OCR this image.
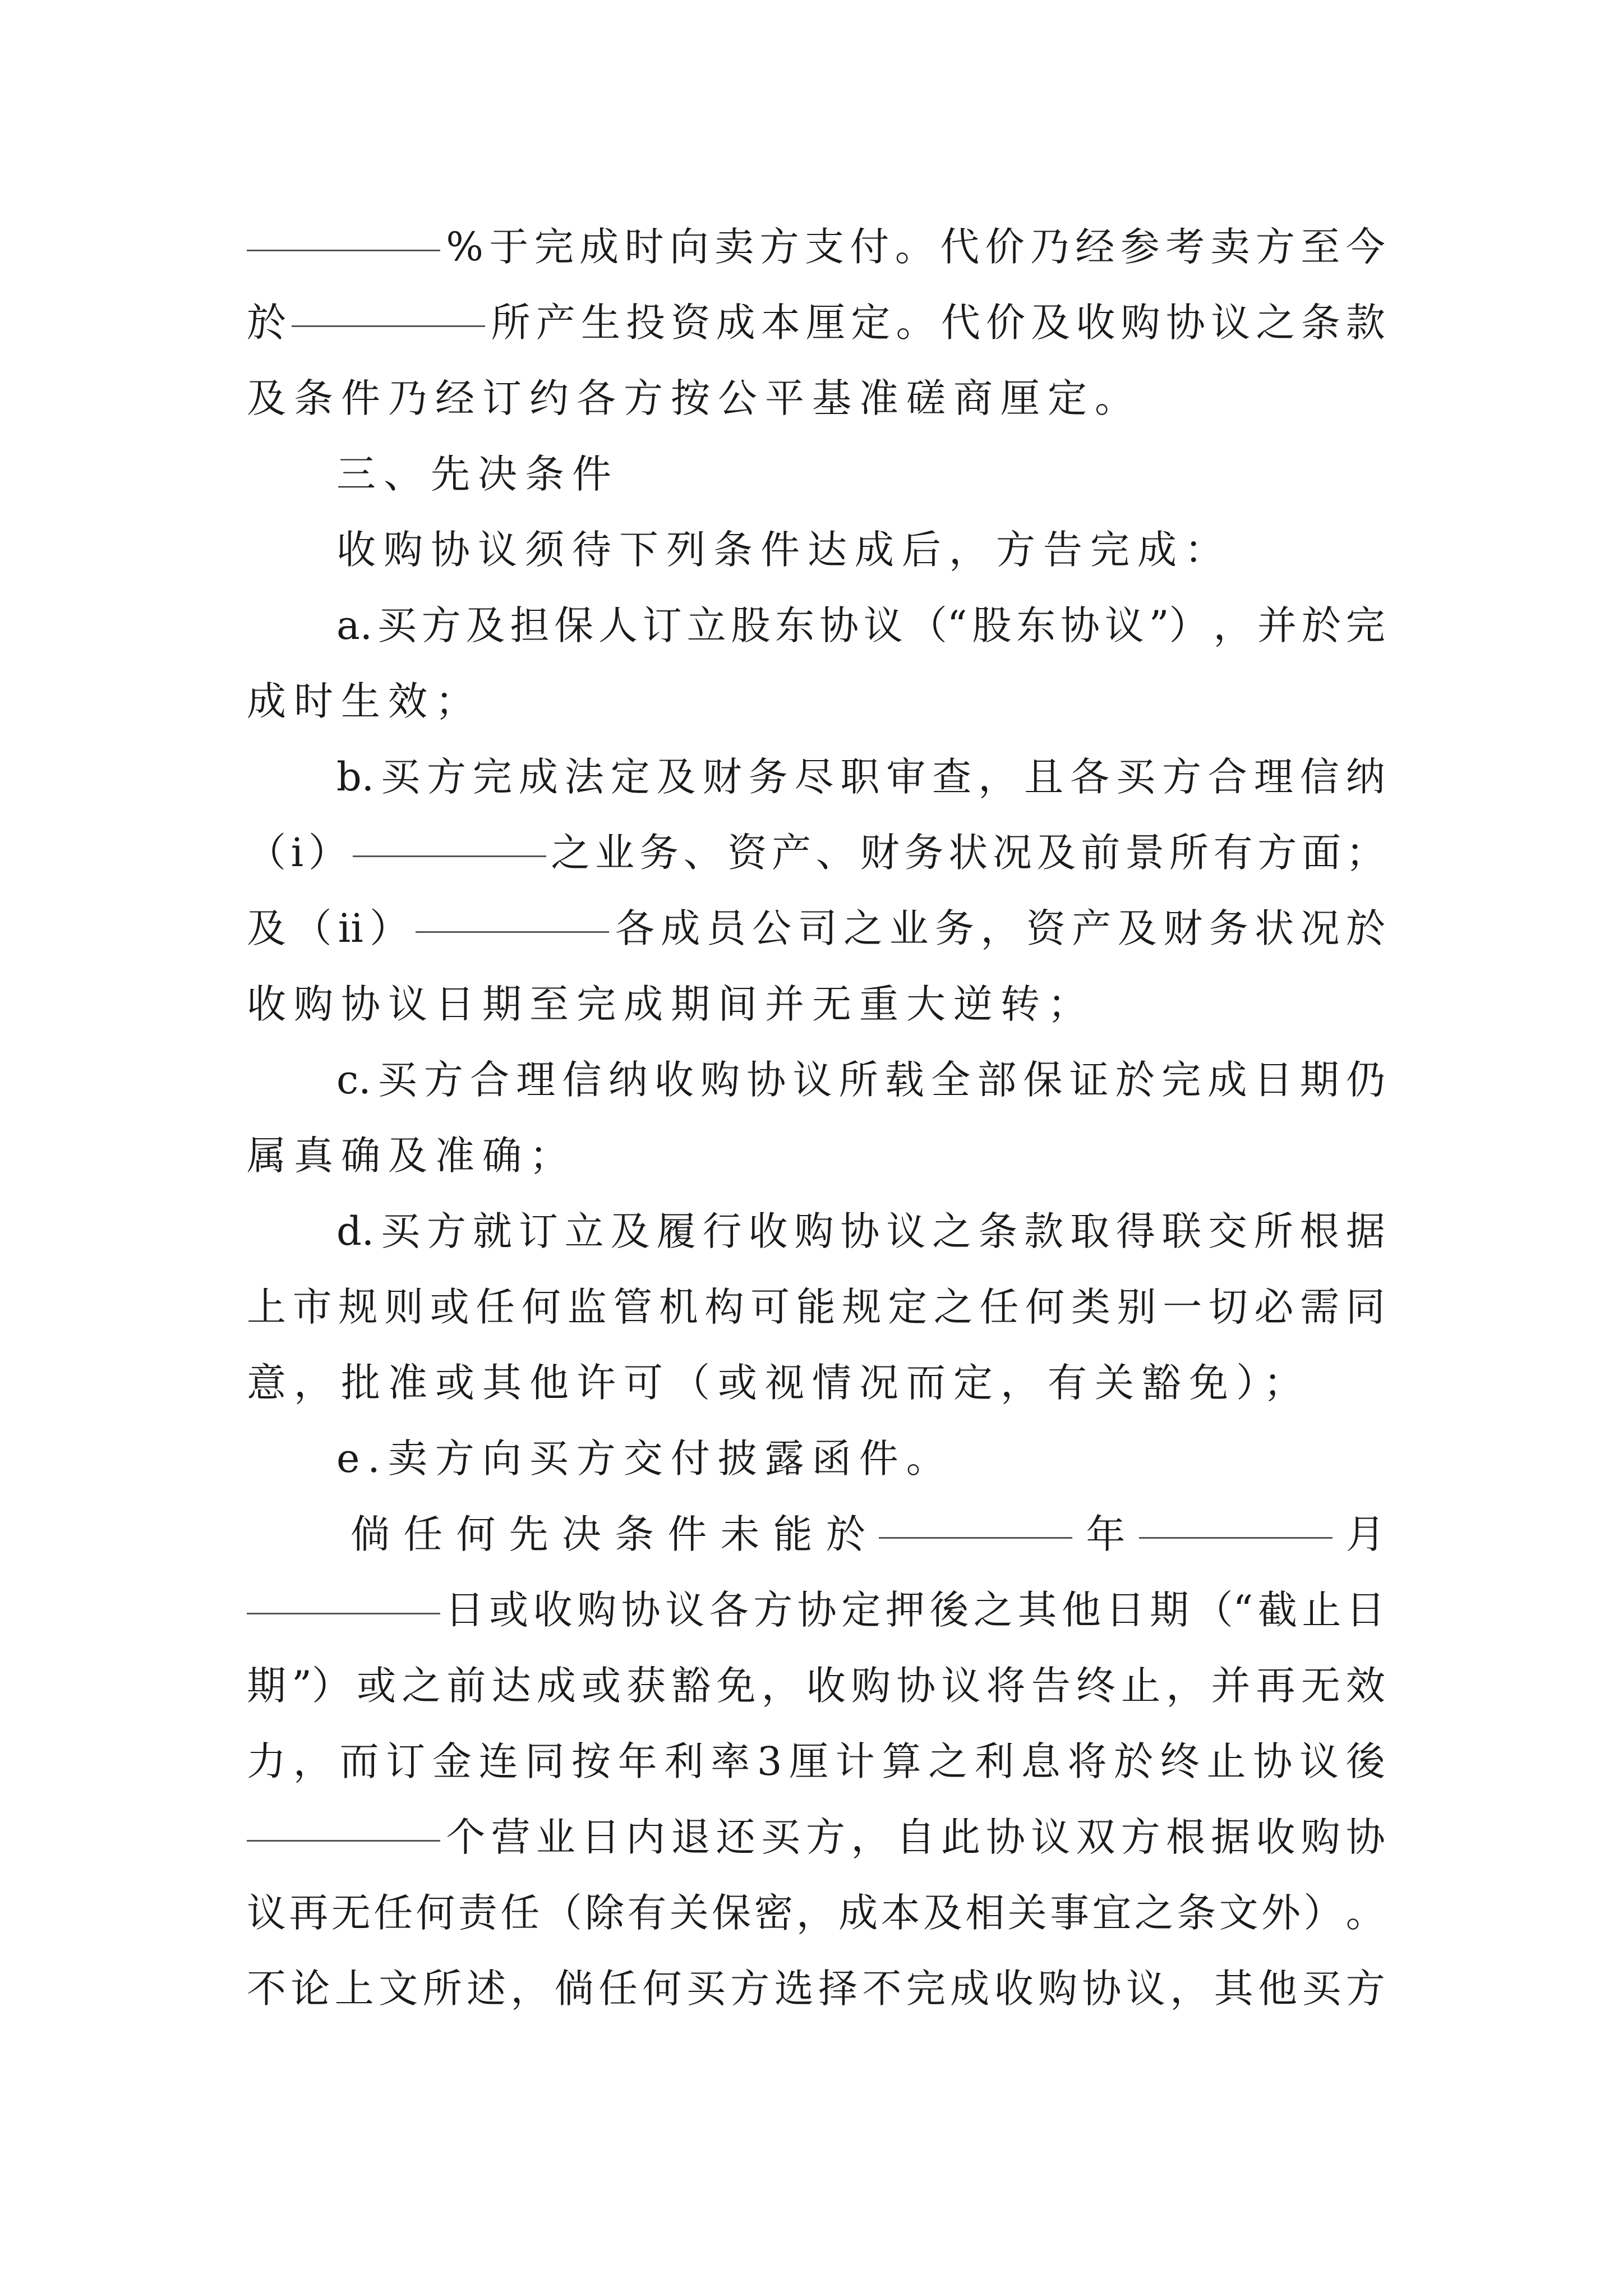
% 于 完 成 时 向 卖 方 支 付 。 代 价 乃 经 参 考 卖 方 至 今
於	所 产 生 投 资 成 本 厘 定 。 代 价 及 收 购 协 议 之 条 款
及条件乃经订约各方按公平基准磋商厘定。
三、先决条件
收购协议须待下列条件达成后，方告完成：
a. 买 方 及 担 保 人 订 立 股 东 协 议 （“ 股 东 协 议 ”） ， 并 於 完
成时生效；
b. 买 方 完 成 法 定 及 财 务 尽 职 审 查 ， 且 各 买 方 合 理 信 纳
（ i ）	之 业 务 、 资 产 、 财 务 状 况 及 前 景 所 有 方 面 ；
及 （ ii ）	各 成 员 公 司 之 业 务 ， 资 产 及 财 务 状 况 於
收购协议日期至完成期间并无重大逆转；
c. 买 方 合 理 信 纳 收 购 协 议 所 载 全 部 保 证 於 完 成 日 期 仍
属真确及准确；
d. 买 方 就 订 立 及 履 行 收 购 协 议 之 条 款 取 得 联 交 所 根 据
上 市 规 则 或 任 何 监 管 机 构 可 能 规 定 之 任 何 类 别 一 切 必 需 同
意，批准或其他许可（或视情况而定，有关豁免）；
e.卖方向买方交付披露函件。
倘 任 何 先 决 条 件 未 能 於	年	月
日 或 收 购 协 议 各 方 协 定 押 後 之 其 他 日 期 （“ 截 止 日
期 ”） 或 之 前 达 成 或 获 豁 免 ， 收 购 协 议 将 告 终 止 ， 并 再 无 效
力 ， 而 订 金 连 同 按 年 利 率 3 厘 计 算 之 利 息 将 於 终 止 协 议 後
个 营 业 日 内 退 还 买 方 ， 自 此 协 议 双 方 根 据 收 购 协
议 再 无 任 何 责 任 （ 除 有 关 保 密 ， 成 本 及 相 关 事 宜 之 条 文 外 ） 。
不 论 上 文 所 述 ， 倘 任 何 买 方 选 择 不 完 成 收 购 协 议 ， 其 他 买 方
